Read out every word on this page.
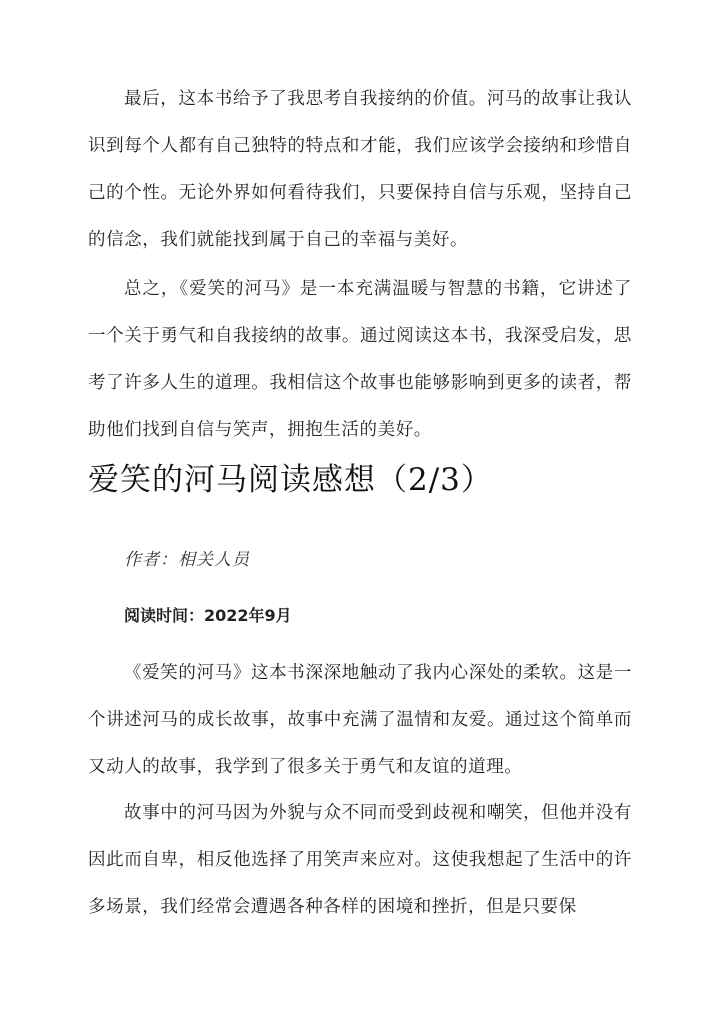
最后，这本书给予了我思考自我接纳的价值。河马的故事让我认识到每个人都有自己独特的特点和才能，我们应该学会接纳和珍惜自己的个性。无论外界如何看待我们，只要保持自信与乐观，坚持自己的信念，我们就能找到属于自己的幸福与美好。

总之，《爱笑的河马》是一本充满温暖与智慧的书籍，它讲述了一个关于勇气和自我接纳的故事。通过阅读这本书，我深受启发，思考了许多人生的道理。我相信这个故事也能够影响到更多的读者，帮助他们找到自信与笑声，拥抱生活的美好。

爱笑的河马阅读感想（2/3）

作者：相关人员

阅读时间：2022年9月

《爱笑的河马》这本书深深地触动了我内心深处的柔软。这是一个讲述河马的成长故事，故事中充满了温情和友爱。通过这个简单而又动人的故事，我学到了很多关于勇气和友谊的道理。

故事中的河马因为外貌与众不同而受到歧视和嘲笑，但他并没有因此而自卑，相反他选择了用笑声来应对。这使我想起了生活中的许多场景，我们经常会遭遇各种各样的困境和挫折，但是只要保
